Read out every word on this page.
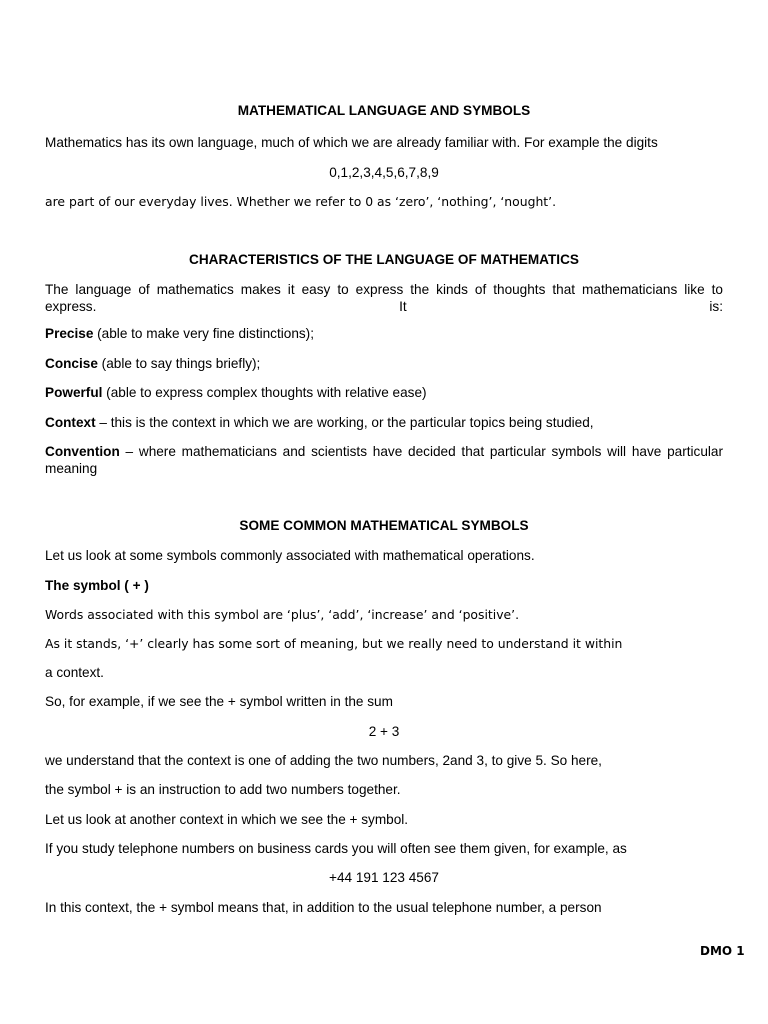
MATHEMATICAL LANGUAGE AND SYMBOLS
Mathematics has its own language, much of which we are already familiar with. For example the digits
0,1,2,3,4,5,6,7,8,9
are part of our everyday lives. Whether we refer to 0 as ‘zero’, ‘nothing’, ‘nought’.
CHARACTERISTICS OF THE LANGUAGE OF MATHEMATICS
The language of mathematics makes it easy to express the kinds of thoughts that mathematicians like to express. It is:
Precise (able to make very fine distinctions);
Concise (able to say things briefly);
Powerful (able to express complex thoughts with relative ease)
Context – this is the context in which we are working, or the particular topics being studied,
Convention – where mathematicians and scientists have decided that particular symbols will have particular meaning
SOME COMMON MATHEMATICAL SYMBOLS
Let us look at some symbols commonly associated with mathematical operations.
The symbol ( + )
Words associated with this symbol are ‘plus’, ‘add’, ‘increase’ and ‘positive’.
As it stands, ‘+’ clearly has some sort of meaning, but we really need to understand it within
a context.
So, for example, if we see the + symbol written in the sum
2 + 3
we understand that the context is one of adding the two numbers, 2and 3, to give 5. So here,
the symbol + is an instruction to add two numbers together.
Let us look at another context in which we see the + symbol.
If you study telephone numbers on business cards you will often see them given, for example, as
+44 191 123 4567
In this context, the + symbol means that, in addition to the usual telephone number, a person
DMO 1
